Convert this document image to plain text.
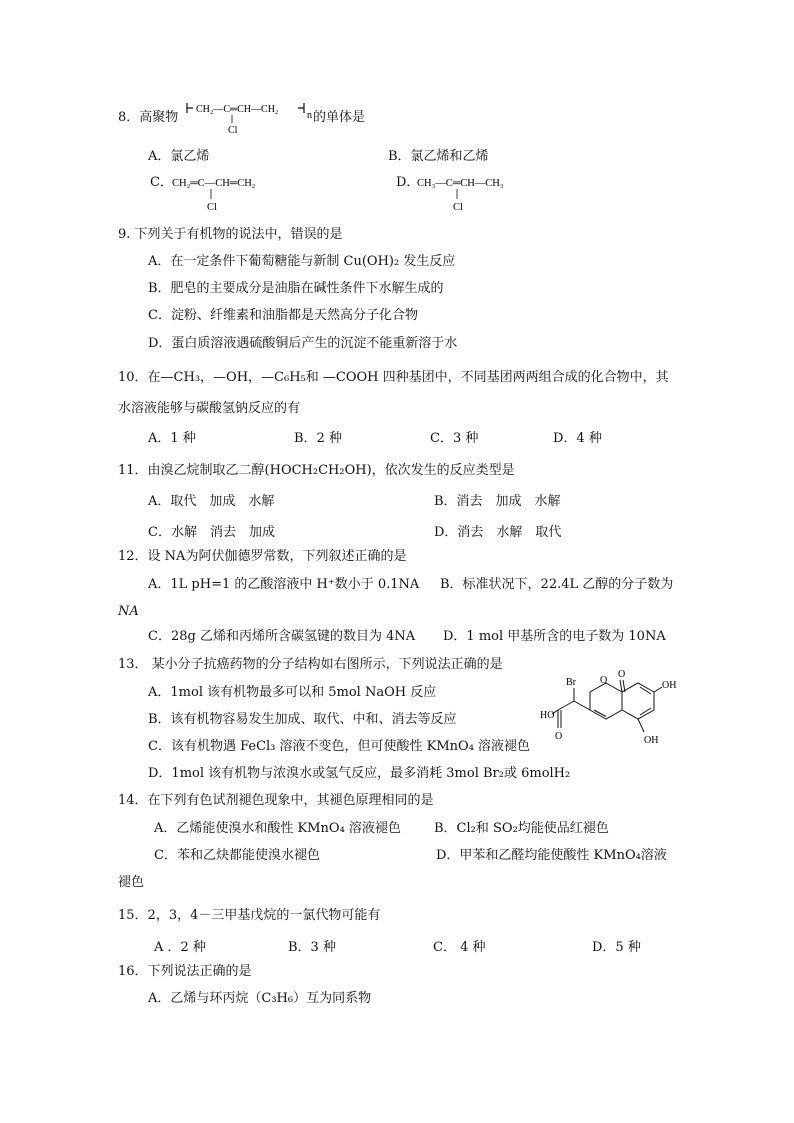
8．高聚物
CH₂—C═CH—CH₂
Cl
n 的单体是
A．氯乙烯	B．氯乙烯和乙烯
C． CH₂═C—CH═CH₂
Cl
D．
CH₃—C═CH—CH₃
Cl
9. 下列关于有机物的说法中，错误的是
A．在一定条件下葡萄糖能与新制 Cu(OH)₂ 发生反应
B．肥皂的主要成分是油脂在碱性条件下水解生成的
C．淀粉、纤维素和油脂都是天然高分子化合物
D．蛋白质溶液遇硫酸铜后产生的沉淀不能重新溶于水
10．在—CH₃，—OH，—C₆H₅和 —COOH 四种基团中，不同基团两两组合成的化合物中，其
水溶液能够与碳酸氢钠反应的有
A．1 种	B．2 种	C．3 种	D．4 种
11．由溴乙烷制取乙二醇(HOCH₂CH₂OH)，依次发生的反应类型是
A．取代　加成　水解	B．消去　加成　水解
C．水解　消去　加成	D．消去　水解　取代
12．设 NA为阿伏伽德罗常数，下列叙述正确的是
A．1L pH=1 的乙酸溶液中 H⁺数小于 0.1NA B．标准状况下，22.4L 乙醇的分子数为
NA
C．28g 乙烯和丙烯所含碳氢键的数目为 4NA D．1 mol 甲基所含的电子数为 10NA
13． 某小分子抗癌药物的分子结构如右图所示，下列说法正确的是
A．1mol 该有机物最多可以和 5mol NaOH 反应
B．该有机物容易发生加成、取代、中和、消去等反应
C．该有机物遇 FeCl₃ 溶液不变色，但可使酸性 KMnO₄ 溶液褪色
D．1mol 该有机物与浓溴水或氢气反应，最多消耗 3mol Br₂或 6molH₂
Br
O
O	OH
HO
O	OH
14．在下列有色试剂褪色现象中，其褪色原理相同的是
A．乙烯能使溴水和酸性 KMnO₄ 溶液褪色	B．Cl₂和 SO₂均能使品红褪色
C．苯和乙炔都能使溴水褪色	D．甲苯和乙醛均能使酸性 KMnO₄溶液
褪色
15．2，3，4－三甲基戊烷的一氯代物可能有
A ．2 种	B．3 种	C． 4 种	D．5 种
16．下列说法正确的是
A．乙烯与环丙烷（C₃H₆）互为同系物
